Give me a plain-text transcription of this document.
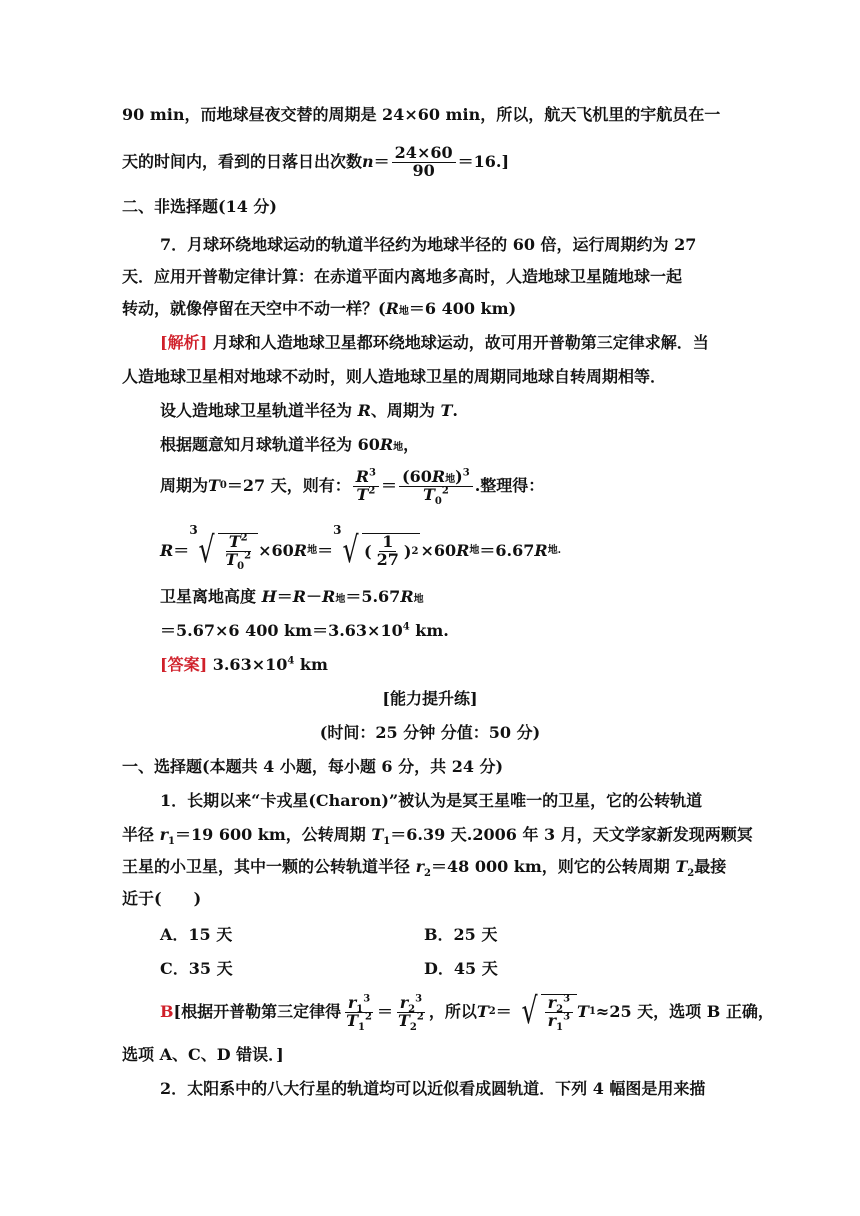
90 min，而地球昼夜交替的周期是 24×60 min，所以，航天飞机里的宇航员在一
天的时间内，看到的日落日出次数 $n = \frac{24\times 60}{90} =16$.]
二、非选择题(14 分)
7．月球环绕地球运动的轨道半径约为地球半径的 60 倍，运行周期约为 27
天．应用开普勒定律计算：在赤道平面内离地多高时，人造地球卫星随地球一起
转动，就像停留在天空中不动一样？(R地＝6 400 km)
[解析] 月球和人造地球卫星都环绕地球运动，故可用开普勒第三定律求解．当
人造地球卫星相对地球不动时，则人造地球卫星的周期同地球自转周期相等．
设人造地球卫星轨道半径为 R、周期为 T.
根据题意知月球轨道半径为 60R地，
周期为 T 0 ＝27 天，则有： $\frac{R^3}{T^2} = \frac{(60R地)^3}{T_0^2}$ .整理得：
R ＝
3 √ $\frac{T^2}{T_0^2} \times 60$ R 地 ＝
3 √ ( $\frac{1}{27}$ ) 2 ×60 R 地 ＝6.67 R 地.
卫星离地高度 H＝R－R地＝5.67R地
＝5.67×6 400 $km=3.63\times 10^4$ km.
[答案] $3.63\times 10^4$ km
[能力提升练]
(时间：25 分钟 分值：50 分)
一、选择题(本题共 4 小题，每小题 6 分，共 24 分)
1．长期以来“卡戎星(Charon)”被认为是冥王星唯一的卫星，它的公转轨道
半径 $r_1=19$ 600 km，公转周期 $T_1=6.39$ 天.2006 年 3 月，天文学家新发现两颗冥
王星的小卫星，其中一颗的公转轨道半径 $r_2=48$ 000 km，则它的公转周期 $T_2$最接
近于(　　)
A．15 天	B．25 天
C．35 天	D．45 天
B [根据开普勒第三定律得 $\frac{r_1^3}{T_1^2} = \frac{r_2^3}{T_2^2}$ ，所以 T 2 ＝ √ $\frac{r_2^3}{r_1^3}$ T 1 ≈25 天，选项 B 正确，
选项 A、C、D 错误．]
2．太阳系中的八大行星的轨道均可以近似看成圆轨道．下列 4 幅图是用来描
